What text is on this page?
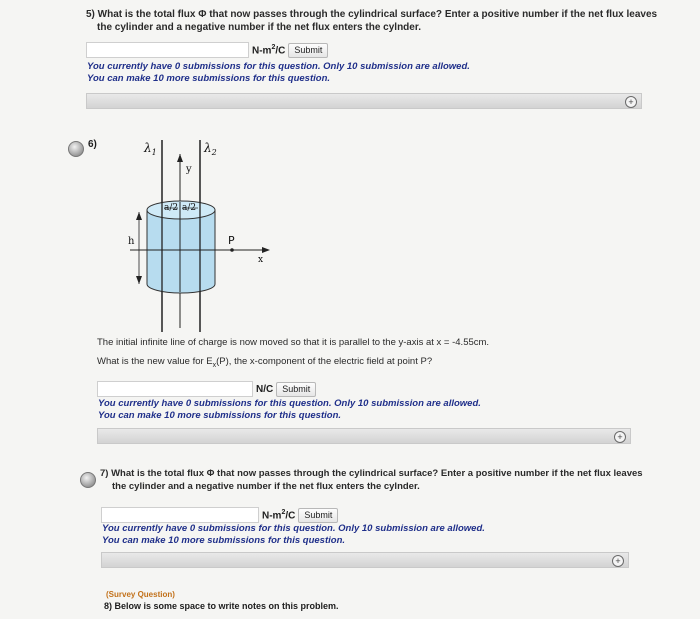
5) What is the total flux Φ that now passes through the cylindrical surface? Enter a positive number if the net flux leaves
the cylinder and a negative number if the net flux enters the cylnder.
$N-m^2/C$	Submit
You currently have 0 submissions for this question. Only 10 submission are allowed.
You can make 10 more submissions for this question.
+
6)
a/2 a/2
$\lambda_1$	$\lambda_2$
y
h	P
x
The initial infinite line of charge is now moved so that it is parallel to the y-axis at x = -4.55cm.
What is the new value for $E_x(P)$, the x-component of the electric field at point P?
N/C	Submit
You currently have 0 submissions for this question. Only 10 submission are allowed.
You can make 10 more submissions for this question.
+
7) What is the total flux Φ that now passes through the cylindrical surface? Enter a positive number if the net flux leaves
the cylinder and a negative number if the net flux enters the cylnder.
$N-m^2/C$	Submit
You currently have 0 submissions for this question. Only 10 submission are allowed.
You can make 10 more submissions for this question.
+
(Survey Question)
8) Below is some space to write notes on this problem.
